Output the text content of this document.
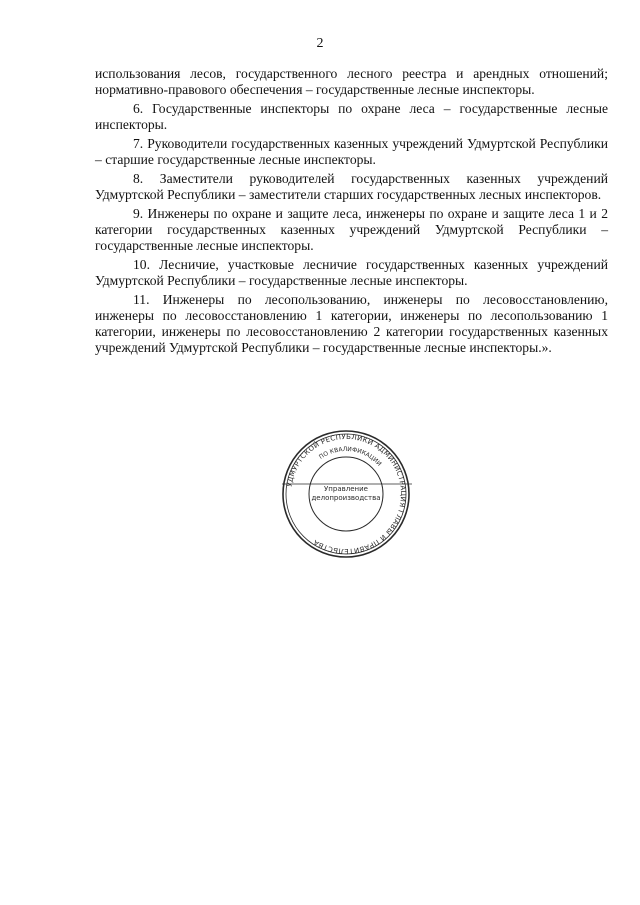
2

использования лесов, государственного лесного реестра и арендных отношений; нормативно-правового обеспечения – государственные лесные инспекторы.

6. Государственные инспекторы по охране леса – государственные лесные инспекторы.

7. Руководители государственных казенных учреждений Удмуртской Республики – старшие государственные лесные инспекторы.

8. Заместители руководителей государственных казенных учреждений Удмуртской Республики – заместители старших государственных лесных инспекторов.

9. Инженеры по охране и защите леса, инженеры по охране и защите леса 1 и 2 категории государственных казенных учреждений Удмуртской Республики – государственные лесные инспекторы.

10. Лесничие, участковые лесничие государственных казенных учреждений Удмуртской Республики – государственные лесные инспекторы.

11. Инженеры по лесопользованию, инженеры по лесовосстановлению, инженеры по лесовосстановлению 1 категории, инженеры по лесопользованию 1 категории, инженеры по лесовосстановлению 2 категории государственных казенных учреждений Удмуртской Республики – государственные лесные инспекторы.».

УДМУРТСКОЙ РЕСПУБЛИКИ АДМИНИСТРАЦИЯ ГЛАВЫ И ПРАВИТЕЛЬСТВА
ПО КВАЛИФИКАЦИИ
Управление
делопроизводства
